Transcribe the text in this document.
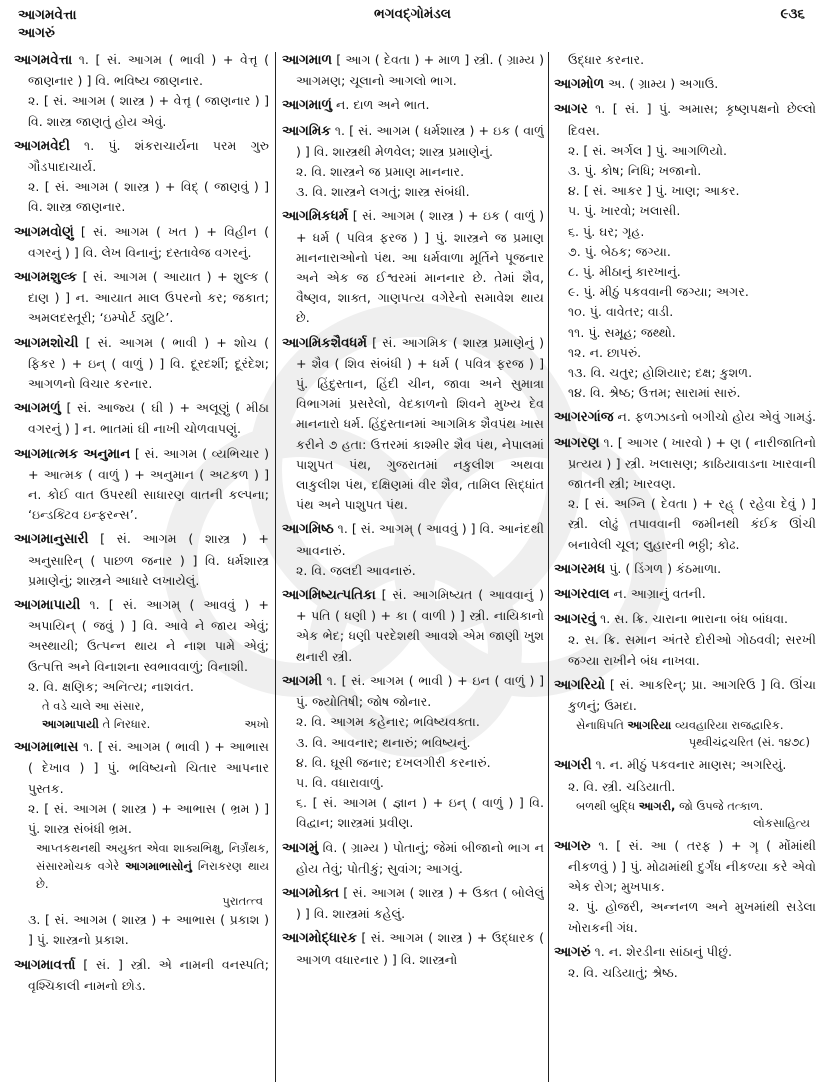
આગમવેત્તા
આગરું
ભગવદ્ગોમંડલ	૯૩૬

આગમવેત્તા ૧. [ સં. આગમ ( ભાવી ) + વેત્તૃ ( જાણનાર ) ] વિ. ભવિષ્ય જાણનાર.

૨. [ સં. આગમ ( શાસ્ત્ર ) + વેત્તૃ ( જાણનાર ) ] વિ. શાસ્ત્ર જાણતું હોય એવું.

આગમવેદી ૧. પું. શંકરાચાર્યના પરમ ગુરુ ગૌડપાદાચાર્ય.

૨. [ સં. આગમ ( શાસ્ત્ર ) + વિદ્ ( જાણવું ) ] વિ. શાસ્ત્ર જાણનાર.

આગમવોણું [ સં. આગમ ( ખત ) + વિહીન ( વગરનું ) ] વિ. લેખ વિનાનું; દસ્તાવેજ વગરનું.

આગમશુલ્ક [ સં. આગમ ( આયાત ) + શુલ્ક ( દાણ ) ] ન. આયાત માલ ઉપરનો કર; જકાત; અમલદસ્તૂરી; ‘ઇમ્પોર્ટ ડ્યુટિ’.

આગમશોચી [ સં. આગમ ( ભાવી ) + શોચ ( ફિકર ) + ઇન્ ( વાળું ) ] વિ. દૂરદર્શી; દૂરંદેશ; આગળનો વિચાર કરનાર.

આગમળું [ સં. આજ્ય ( ઘી ) + અલૂણું ( મીઠા વગરનું ) ] ન. ભાતમાં ઘી નાખી ચોળવાપણું.

આગમાત્મક અનુમાન [ સં. આગમ ( વ્યભિચાર ) + આત્મક ( વાળું ) + અનુમાન ( અટકળ ) ] ન. કોઈ વાત ઉપરથી સાધારણ વાતની કલ્પના; ‘ઇન્ડક્ટિવ ઇન્ફરન્સ’.

આગમાનુસારી [ સં. આગમ ( શાસ્ત્ર ) + અનુસારિન્ ( પાછળ જનાર ) ] વિ. ધર્મશાસ્ત્ર પ્રમાણેનું; શાસ્ત્રને આધારે લખાયેલું.

આગમાપાયી ૧. [ સં. આગમ્ ( આવવું ) + અપાયિન્ ( જવું ) ] વિ. આવે ને જાય એવું; અસ્થાયી; ઉત્પન્ન થાય ને નાશ પામે એવું; ઉત્પત્તિ અને વિનાશના સ્વભાવવાળું; વિનાશી.

૨. વિ. ક્ષણિક; અનિત્ય; નાશવંત.

તે વડે ચાલે આ સંસાર,

આગમાપાયી તે નિરધાર.	અખો

આગમાભાસ ૧. [ સં. આગમ ( ભાવી ) + આભાસ ( દેખાવ ) ] પું. ભવિષ્યનો ચિતાર આપનાર પુસ્તક.

૨. [ સં. આગમ ( શાસ્ત્ર ) + આભાસ ( ભ્રમ ) ] પું. શાસ્ત્ર સંબંધી ભ્રમ.

આપ્તકથનથી અયુક્ત એવા શાક્યભિક્ષુ, નિર્ગ્રંથક, સંસારમોચક વગેરે આગમાભાસોનું નિરાકરણ થાય છે.

પુરાતત્ત્વ

૩. [ સં. આગમ ( શાસ્ત્ર ) + આભાસ ( પ્રકાશ ) ] પું. શાસ્ત્રનો પ્રકાશ.

આગમાવર્ત્તા [ સં. ] સ્ત્રી. એ નામની વનસ્પતિ; વૃશ્ચિકાલી નામનો છોડ.

આગમાળ [ આગ ( દેવતા ) + માળ ] સ્ત્રી. ( ગ્રામ્ય ) આગમણ; ચૂલાનો આગલો ભાગ.

આગમાળું ન. દાળ અને ભાત.

આગમિક ૧. [ સં. આગમ ( ધર્મશાસ્ત્ર ) + ઇક ( વાળું ) ] વિ. શાસ્ત્રથી મેળવેલ; શાસ્ત્ર પ્રમાણેનું.

૨. વિ. શાસ્ત્રને જ પ્રમાણ માનનાર.

૩. વિ. શાસ્ત્રને લગતું; શાસ્ત્ર સંબંધી.

આગમિકધર્મ [ સં. આગમ ( શાસ્ત્ર ) + ઇક ( વાળું ) + ધર્મ ( પવિત્ર ફરજ ) ] પું. શાસ્ત્રને જ પ્રમાણ માનનારાઓનો પંથ. આ ધર્મવાળા મૂર્તિને પૂજનાર અને એક જ ઈશ્વરમાં માનનાર છે. તેમાં શૈવ, વૈષ્ણવ, શાક્ત, ગાણપત્ય વગેરેનો સમાવેશ થાય છે.

આગમિકશૈવધર્મ [ સં. આગમિક ( શાસ્ત્ર પ્રમાણેનું ) + શૈવ ( શિવ સંબંધી ) + ધર્મ ( પવિત્ર ફરજ ) ] પું. હિંદુસ્તાન, હિંદી ચીન, જાવા અને સુમાત્રા વિભાગમાં પ્રસરેલો, વેદકાળનો શિવને મુખ્ય દેવ માનનારો ધર્મ. હિંદુસ્તાનમાં આગમિક શૈવપંથ ખાસ કરીને ૭ હતા: ઉત્તરમાં કાશ્મીર શૈવ પંથ, નેપાલમાં પાશુપત પંથ, ગુજરાતમાં નકુલીશ અથવા લાકુલીશ પંથ, દક્ષિણમાં વીર શૈવ, તામિલ સિદ્ધાંત પંથ અને પાશુપત પંથ.

આગમિષ્ઠ ૧. [ સં. આગમ્ ( આવવું ) ] વિ. આનંદથી આવનારું.

૨. વિ. જલદી આવનારું.

આગમિષ્યત્પતિકા [ સં. આગમિષ્યત ( આવવાનું ) + પતિ ( ધણી ) + કા ( વાળી ) ] સ્ત્રી. નાયિકાનો એક ભેદ; ધણી પરદેશથી આવશે એમ જાણી ખુશ થનારી સ્ત્રી.

આગમી ૧. [ સં. આગમ ( ભાવી ) + ઇન ( વાળું ) ] પું. જ્યોતિષી; જોષ જોનાર.

૨. વિ. આગમ કહેનાર; ભવિષ્યવક્તા.

૩. વિ. આવનાર; થનારું; ભવિષ્યનું.

૪. વિ. ઘૂસી જનાર; દખલગીરી કરનારું.

૫. વિ. વધારાવાળું.

૬. [ સં. આગમ ( જ્ઞાન ) + ઇન્ ( વાળું ) ] વિ. વિદ્વાન; શાસ્ત્રમાં પ્રવીણ.

આગમું વિ. ( ગ્રામ્ય ) પોતાનું; જેમાં બીજાનો ભાગ ન હોય તેવું; પોતીકું; સુવાંગ; આગવું.

આગમોક્ત [ સં. આગમ ( શાસ્ત્ર ) + ઉક્ત ( બોલેલું ) ] વિ. શાસ્ત્રમાં કહેલું.

આગમોદ્ધારક [ સં. આગમ ( શાસ્ત્ર ) + ઉદ્ધારક ( આગળ વધારનાર ) ] વિ. શાસ્ત્રનો

ઉદ્ધાર કરનાર.

આગમોળ અ. ( ગ્રામ્ય ) અગાઉ.

આગર ૧. [ સં. ] પું. અમાસ; કૃષ્ણપક્ષનો છેલ્લો દિવસ.

૨. [ સં. અર્ગલ ] પું. આગળિયો.

૩. પું. કોષ; નિધિ; ખજાનો.

૪. [ સં. આકર ] પું. ખાણ; આકર.

૫. પું. ખારવો; ખલાસી.

૬. પું. ઘર; ગૃહ.

૭. પું. બેઠક; જગ્યા.

૮. પું. મીઠાનું કારખાનું.

૯. પું. મીઠું પકવવાની જગ્યા; અગર.

૧૦. પું. વાવેતર; વાડી.

૧૧. પું. સમૂહ; જથ્થો.

૧૨. ન. છાપરું.

૧૩. વિ. ચતુર; હોશિયાર; દક્ષ; કુશળ.

૧૪. વિ. શ્રેષ્ઠ; ઉત્તમ; સારામાં સારું.

આગરગાંજ ન. ફળઝાડનો બગીચો હોય એવું ગામડું.

આગરણ ૧. [ આગર ( ખારવો ) + ણ ( નારીજાતિનો પ્રત્યય ) ] સ્ત્રી. ખલાસણ; કાઠિયાવાડના ખારવાની જાતની સ્ત્રી; ખારવણ.

૨. [ સં. અગ્નિ ( દેવતા ) + રહ્ ( રહેવા દેવું ) ] સ્ત્રી. લોઢું તપાવવાની જમીનથી કંઈક ઊંચી બનાવેલી ચૂલ; લુહારની ભઠ્ઠી; કોઢ.

આગરમધ પું. ( ડિંગળ ) કંઠમાળા.

આગરવાલ ન. આગ્રાનું વતની.

આગરવું ૧. સ. ક્રિ. ચારાના ભારાના બંધ બાંધવા.

૨. સ. ક્રિ. સમાન અંતરે દોરીઓ ગોઠવવી; સરખી જગ્યા રાખીને બંધ નાખવા.

આગરિયો [ સં. આકરિન્; પ્રા. આગરિઉ ] વિ. ઊંચા કુળનું; ઉમદા.

સેનાધિપતિ આગરિયા વ્યવહારિયા રાજદ્વારિક.

પૃથ્વીચંદ્રચરિત (સં. ૧૪૭૮)

આગરી ૧. ન. મીઠું પકવનાર માણસ; અગરિયું.

૨. વિ. સ્ત્રી. ચડિયાતી.

બળથી બુદ્ધિ આગરી, જો ઉપજે તત્કાળ.

લોકસાહિત્ય

આગરુ ૧. [ સં. આ ( તરફ ) + ગૄ ( મોંમાંથી નીકળવું ) ] પું. મોઢામાંથી દુર્ગંધ નીકળ્યા કરે એવો એક રોગ; મુખપાક.

૨. પું. હોજરી, અન્નનળ અને મુખમાંથી સડેલા ખોરાકની ગંધ.

આગરું ૧. ન. શેરડીના સાંઠાનું પીછું.

૨. વિ. ચડિયાતું; શ્રેષ્ઠ.
